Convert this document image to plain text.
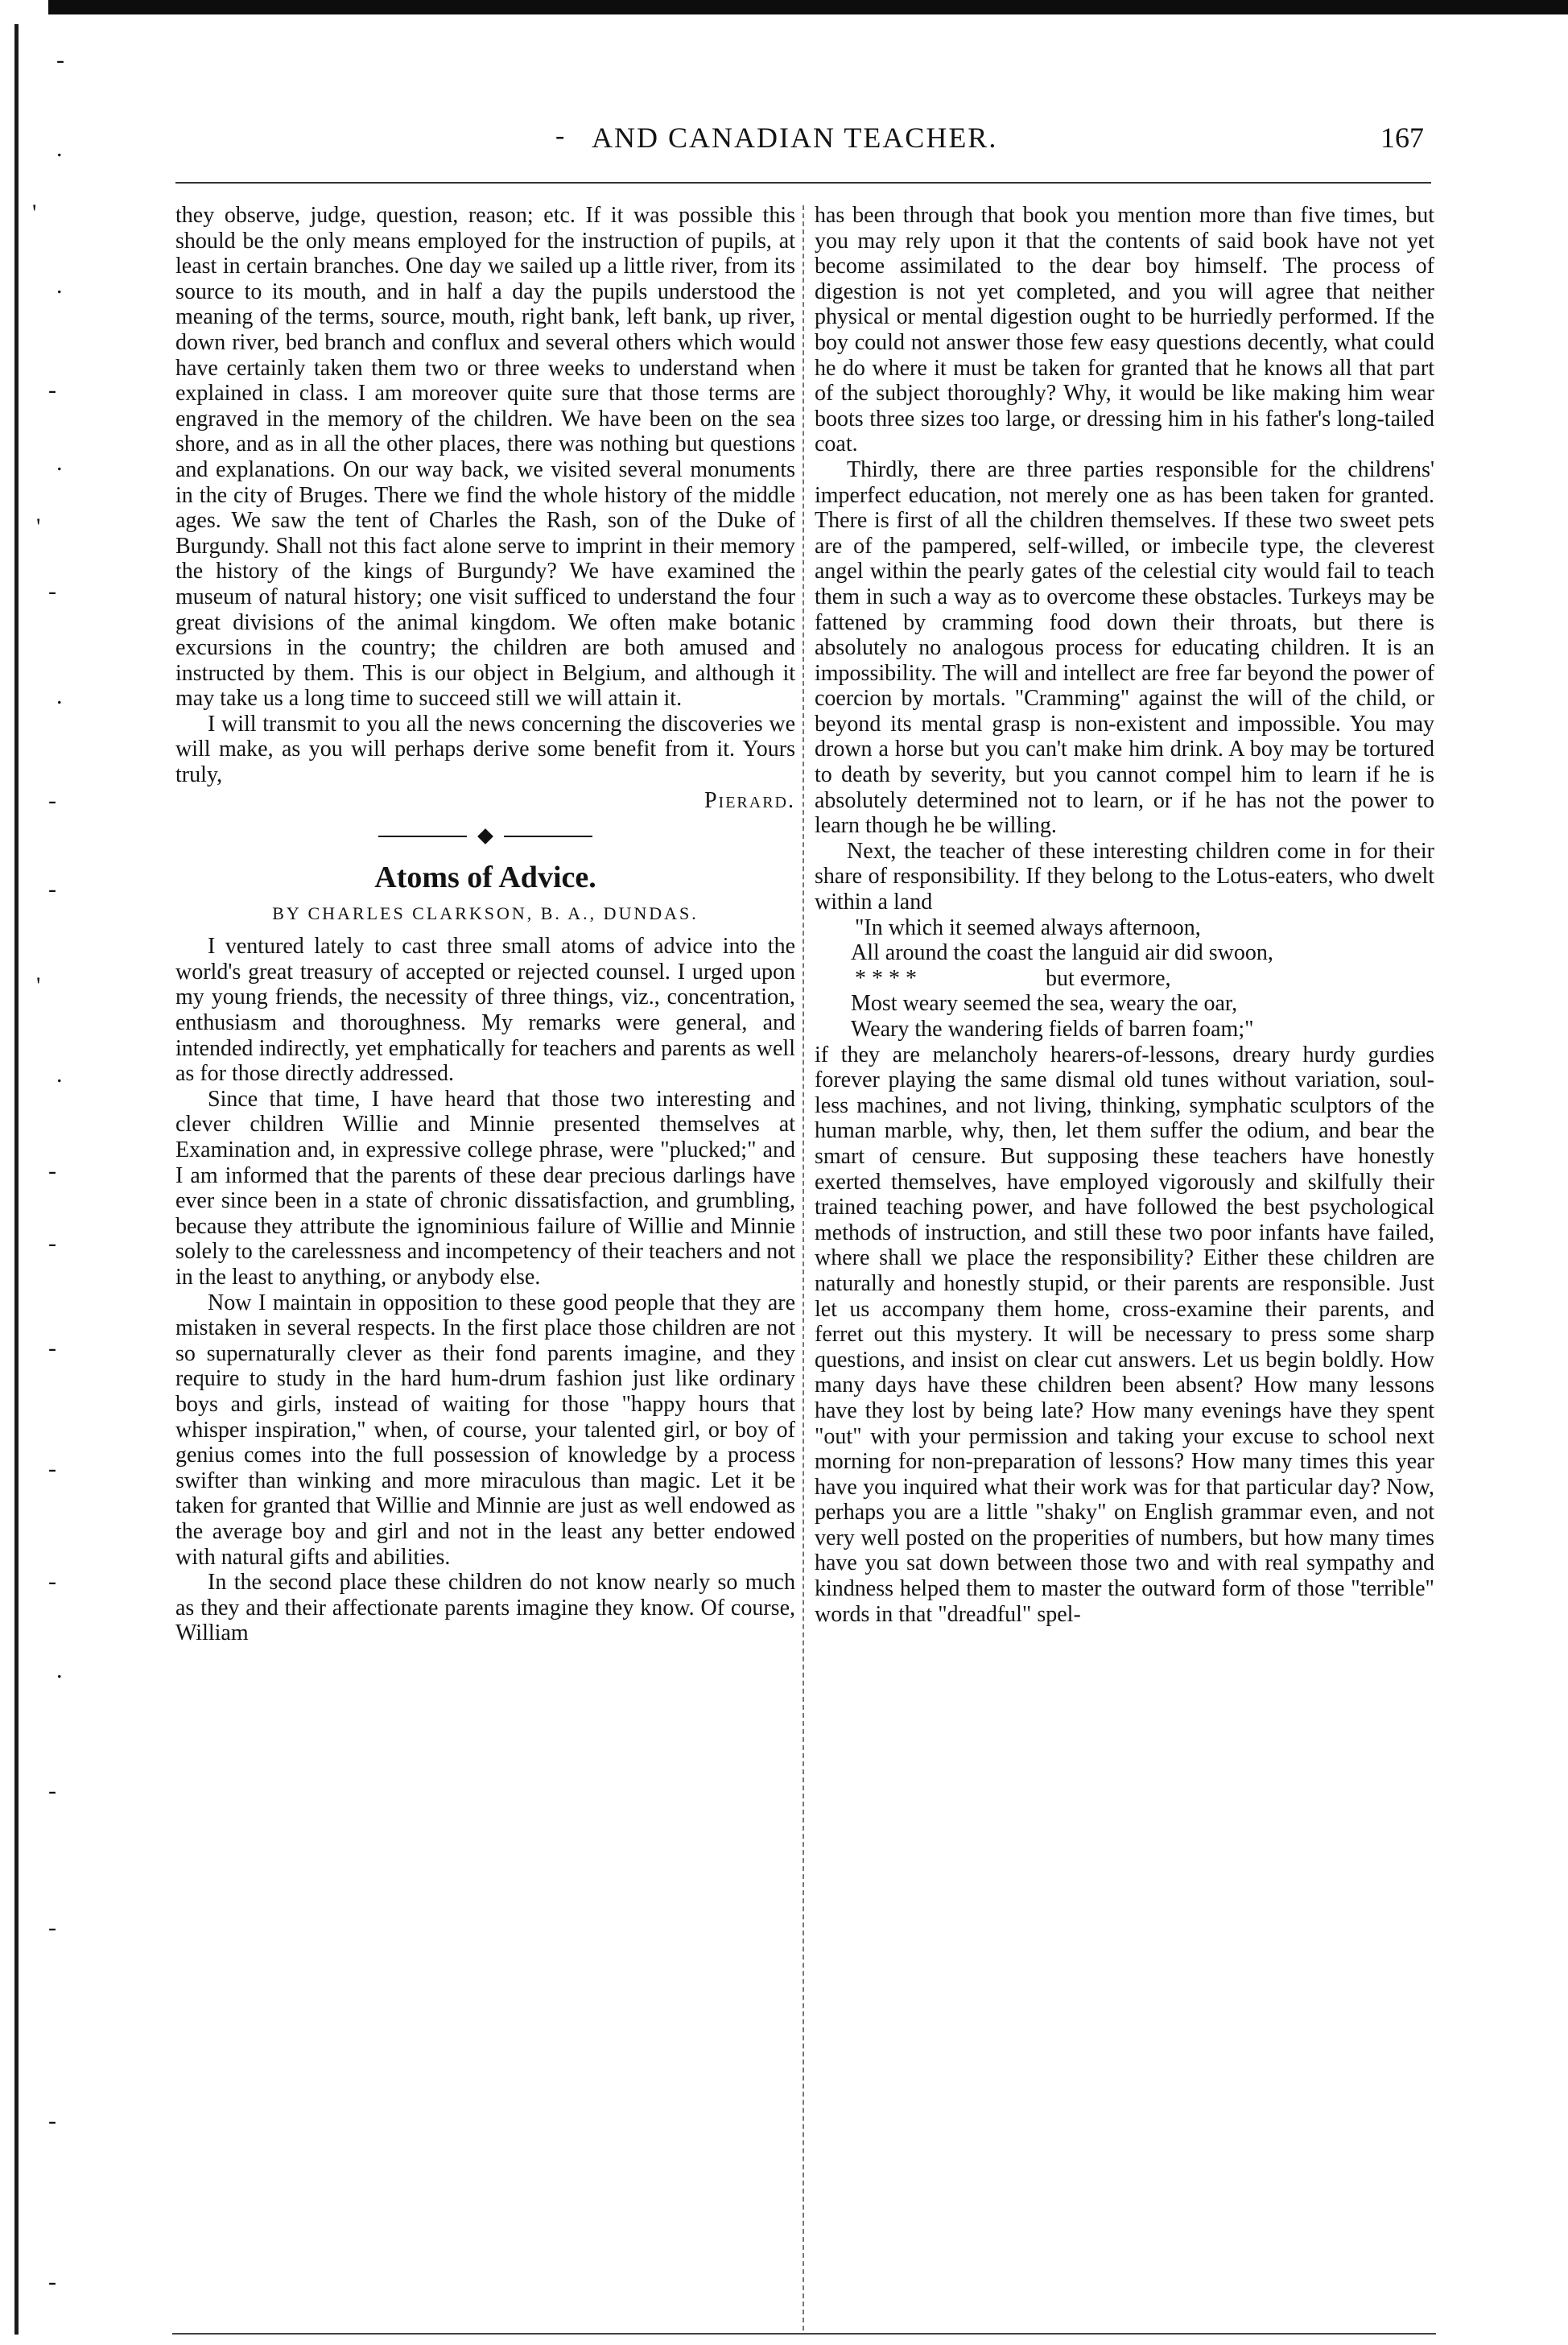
-
.
'
.
-
.
'
-
.
-
-
'
.
-
-
-
-
-
.
-
-
-
-
- AND CANADIAN TEACHER.	167

they observe, judge, question, reason; etc. If it was possible this should be the only means employed for the instruction of pupils, at least in certain branches. One day we sailed up a little river, from its source to its mouth, and in half a day the pupils understood the meaning of the terms, source, mouth, right bank, left bank, up river, down river, bed branch and conflux and several others which would have certainly taken them two or three weeks to understand when explained in class. I am moreover quite sure that those terms are engraved in the memory of the children. We have been on the sea shore, and as in all the other places, there was nothing but questions and explanations. On our way back, we visited several monuments in the city of Bruges. There we find the whole history of the middle ages. We saw the tent of Charles the Rash, son of the Duke of Burgundy. Shall not this fact alone serve to imprint in their memory the history of the kings of Burgundy? We have examined the museum of natural history; one visit sufficed to understand the four great divisions of the animal kingdom. We often make botanic excursions in the country; the children are both amused and instructed by them. This is our object in Belgium, and although it may take us a long time to succeed still we will attain it.

I will transmit to you all the news concerning the discoveries we will make, as you will perhaps derive some benefit from it. Yours truly,

Pierard.

Atoms of Advice.
BY CHARLES CLARKSON, B. A., DUNDAS.

I ventured lately to cast three small atoms of advice into the world's great treasury of accepted or rejected counsel. I urged upon my young friends, the necessity of three things, viz., concentration, enthusiasm and thoroughness. My remarks were general, and intended indirectly, yet emphatically for teachers and parents as well as for those directly addressed.

Since that time, I have heard that those two interesting and clever children Willie and Minnie presented themselves at Examination and, in expressive college phrase, were "plucked;" and I am informed that the parents of these dear precious darlings have ever since been in a state of chronic dissatisfaction, and grumbling, because they attribute the ignominious failure of Willie and Minnie solely to the carelessness and incompetency of their teachers and not in the least to anything, or anybody else.

Now I maintain in opposition to these good people that they are mistaken in several respects. In the first place those children are not so supernaturally clever as their fond parents imagine, and they require to study in the hard hum-drum fashion just like ordinary boys and girls, instead of waiting for those "happy hours that whisper inspiration," when, of course, your talented girl, or boy of genius comes into the full possession of knowledge by a process swifter than winking and more miraculous than magic. Let it be taken for granted that Willie and Minnie are just as well endowed as the average boy and girl and not in the least any better endowed with natural gifts and abilities.

In the second place these children do not know nearly so much as they and their affectionate parents imagine they know. Of course, William

has been through that book you mention more than five times, but you may rely upon it that the contents of said book have not yet become assimilated to the dear boy himself. The process of digestion is not yet completed, and you will agree that neither physical or mental digestion ought to be hurriedly performed. If the boy could not answer those few easy questions decently, what could he do where it must be taken for granted that he knows all that part of the subject thoroughly? Why, it would be like making him wear boots three sizes too large, or dressing him in his father's long-tailed coat.

Thirdly, there are three parties responsible for the childrens' imperfect education, not merely one as has been taken for granted. There is first of all the children themselves. If these two sweet pets are of the pampered, self-willed, or imbecile type, the cleverest angel within the pearly gates of the celestial city would fail to teach them in such a way as to overcome these obstacles. Turkeys may be fattened by cramming food down their throats, but there is absolutely no analogous process for educating children. It is an impossibility. The will and intellect are free far beyond the power of coercion by mortals. "Cramming" against the will of the child, or beyond its mental grasp is non-existent and impossible. You may drown a horse but you can't make him drink. A boy may be tortured to death by severity, but you cannot compel him to learn if he is absolutely determined not to learn, or if he has not the power to learn though he be willing.

Next, the teacher of these interesting children come in for their share of responsibility. If they belong to the Lotus-eaters, who dwelt within a land

"In which it seemed always afternoon,

All around the coast the languid air did swoon,

* * * *	but evermore,

Most weary seemed the sea, weary the oar,

Weary the wandering fields of barren foam;"

if they are melancholy hearers-of-lessons, dreary hurdy gurdies forever playing the same dismal old tunes without variation, soul-less machines, and not living, thinking, symphatic sculptors of the human marble, why, then, let them suffer the odium, and bear the smart of censure. But supposing these teachers have honestly exerted themselves, have employed vigorously and skilfully their trained teaching power, and have followed the best psychological methods of instruction, and still these two poor infants have failed, where shall we place the responsibility? Either these children are naturally and honestly stupid, or their parents are responsible. Just let us accompany them home, cross-examine their parents, and ferret out this mystery. It will be necessary to press some sharp questions, and insist on clear cut answers. Let us begin boldly. How many days have these children been absent? How many lessons have they lost by being late? How many evenings have they spent "out" with your permission and taking your excuse to school next morning for non-preparation of lessons? How many times this year have you inquired what their work was for that particular day? Now, perhaps you are a little "shaky" on English grammar even, and not very well posted on the properities of numbers, but how many times have you sat down between those two and with real sympathy and kindness helped them to master the outward form of those "terrible" words in that "dreadful" spel-
